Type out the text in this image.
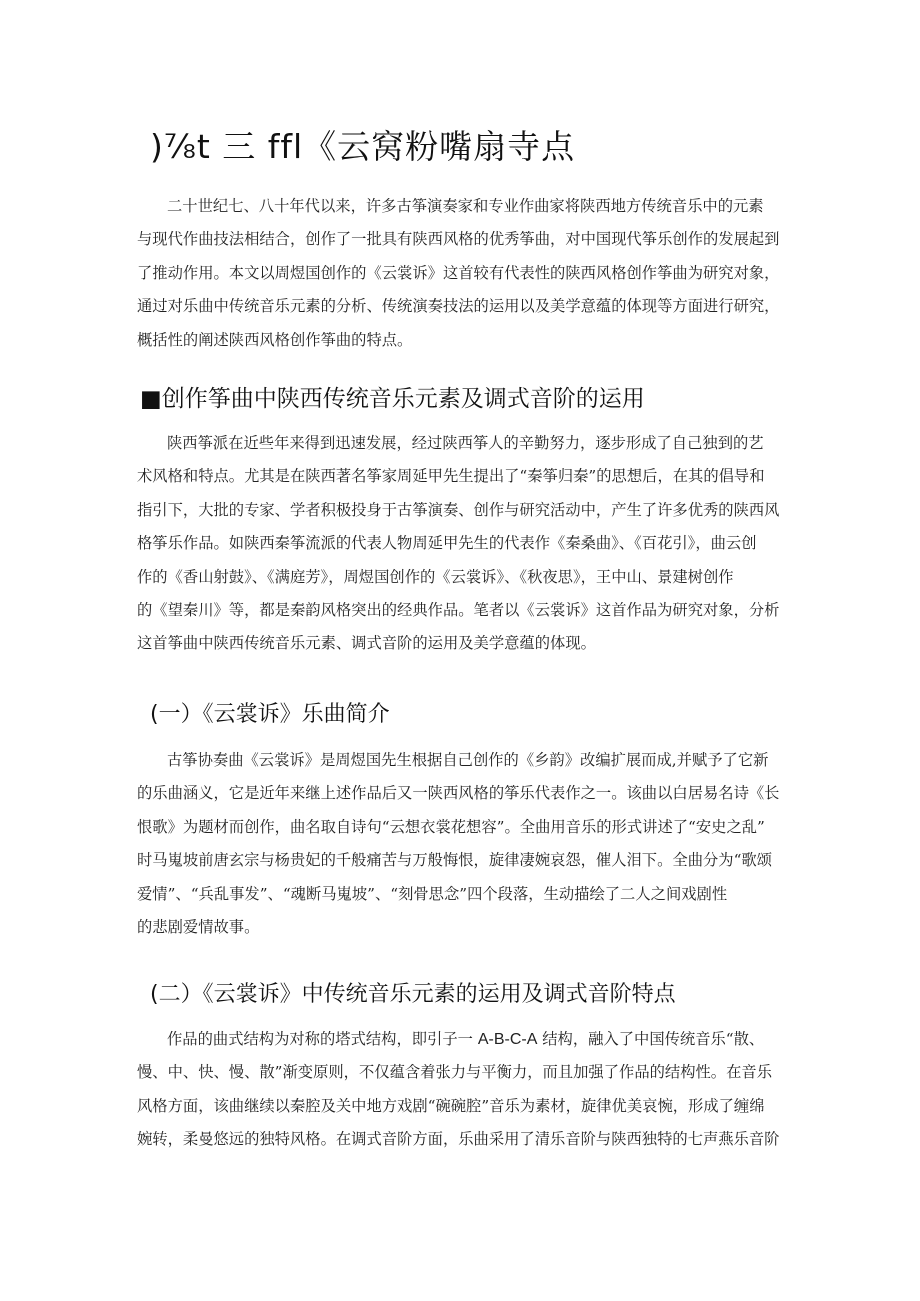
)⅞t 三 ffl《云窝粉嘴扇寺点
二十世纪七、八十年代以来，许多古筝演奏家和专业作曲家将陕西地方传统音乐中的元素
与现代作曲技法相结合，创作了一批具有陕西风格的优秀筝曲，对中国现代筝乐创作的发展起到
了推动作用。本文以周煜国创作的《云裳诉》这首较有代表性的陕西风格创作筝曲为研究对象，
通过对乐曲中传统音乐元素的分析、传统演奏技法的运用以及美学意蕴的体现等方面进行研究，
概括性的阐述陕西风格创作筝曲的特点。
■创作筝曲中陕西传统音乐元素及调式音阶的运用
陕西筝派在近些年来得到迅速发展，经过陕西筝人的辛勤努力，逐步形成了自己独到的艺
术风格和特点。尤其是在陕西著名筝家周延甲先生提出了“秦筝归秦”的思想后，在其的倡导和
指引下，大批的专家、学者积极投身于古筝演奏、创作与研究活动中，产生了许多优秀的陕西风
格筝乐作品。如陕西秦筝流派的代表人物周延甲先生的代表作《秦桑曲》、《百花引》，曲云创
作的《香山射鼓》、《满庭芳》，周煜国创作的《云裳诉》、《秋夜思》，王中山、景建树创作
的《望秦川》等，都是秦韵风格突出的经典作品。笔者以《云裳诉》这首作品为研究对象，分析
这首筝曲中陕西传统音乐元素、调式音阶的运用及美学意蕴的体现。
(一）《云裳诉》乐曲简介
古筝协奏曲《云裳诉》是周煜国先生根据自己创作的《乡韵》改编扩展而成,并赋予了它新
的乐曲涵义，它是近年来继上述作品后又一陕西风格的筝乐代表作之一。该曲以白居易名诗《长
恨歌》为题材而创作，曲名取自诗句“云想衣裳花想容”。全曲用音乐的形式讲述了“安史之乱”
时马嵬坡前唐玄宗与杨贵妃的千般痛苦与万般悔恨，旋律凄婉哀怨，催人泪下。全曲分为“歌颂
爱情”、“兵乱事发”、“魂断马嵬坡”、“刻骨思念”四个段落，生动描绘了二人之间戏剧性
的悲剧爱情故事。
(二）《云裳诉》中传统音乐元素的运用及调式音阶特点
作品的曲式结构为对称的塔式结构，即引子一 A-B-C-A 结构，融入了中国传统音乐“散、
慢、中、快、慢、散”渐变原则，不仅蕴含着张力与平衡力，而且加强了作品的结构性。在音乐
风格方面，该曲继续以秦腔及关中地方戏剧“碗碗腔”音乐为素材，旋律优美哀惋，形成了缠绵
婉转，柔曼悠远的独特风格。在调式音阶方面，乐曲采用了清乐音阶与陕西独特的七声燕乐音阶
